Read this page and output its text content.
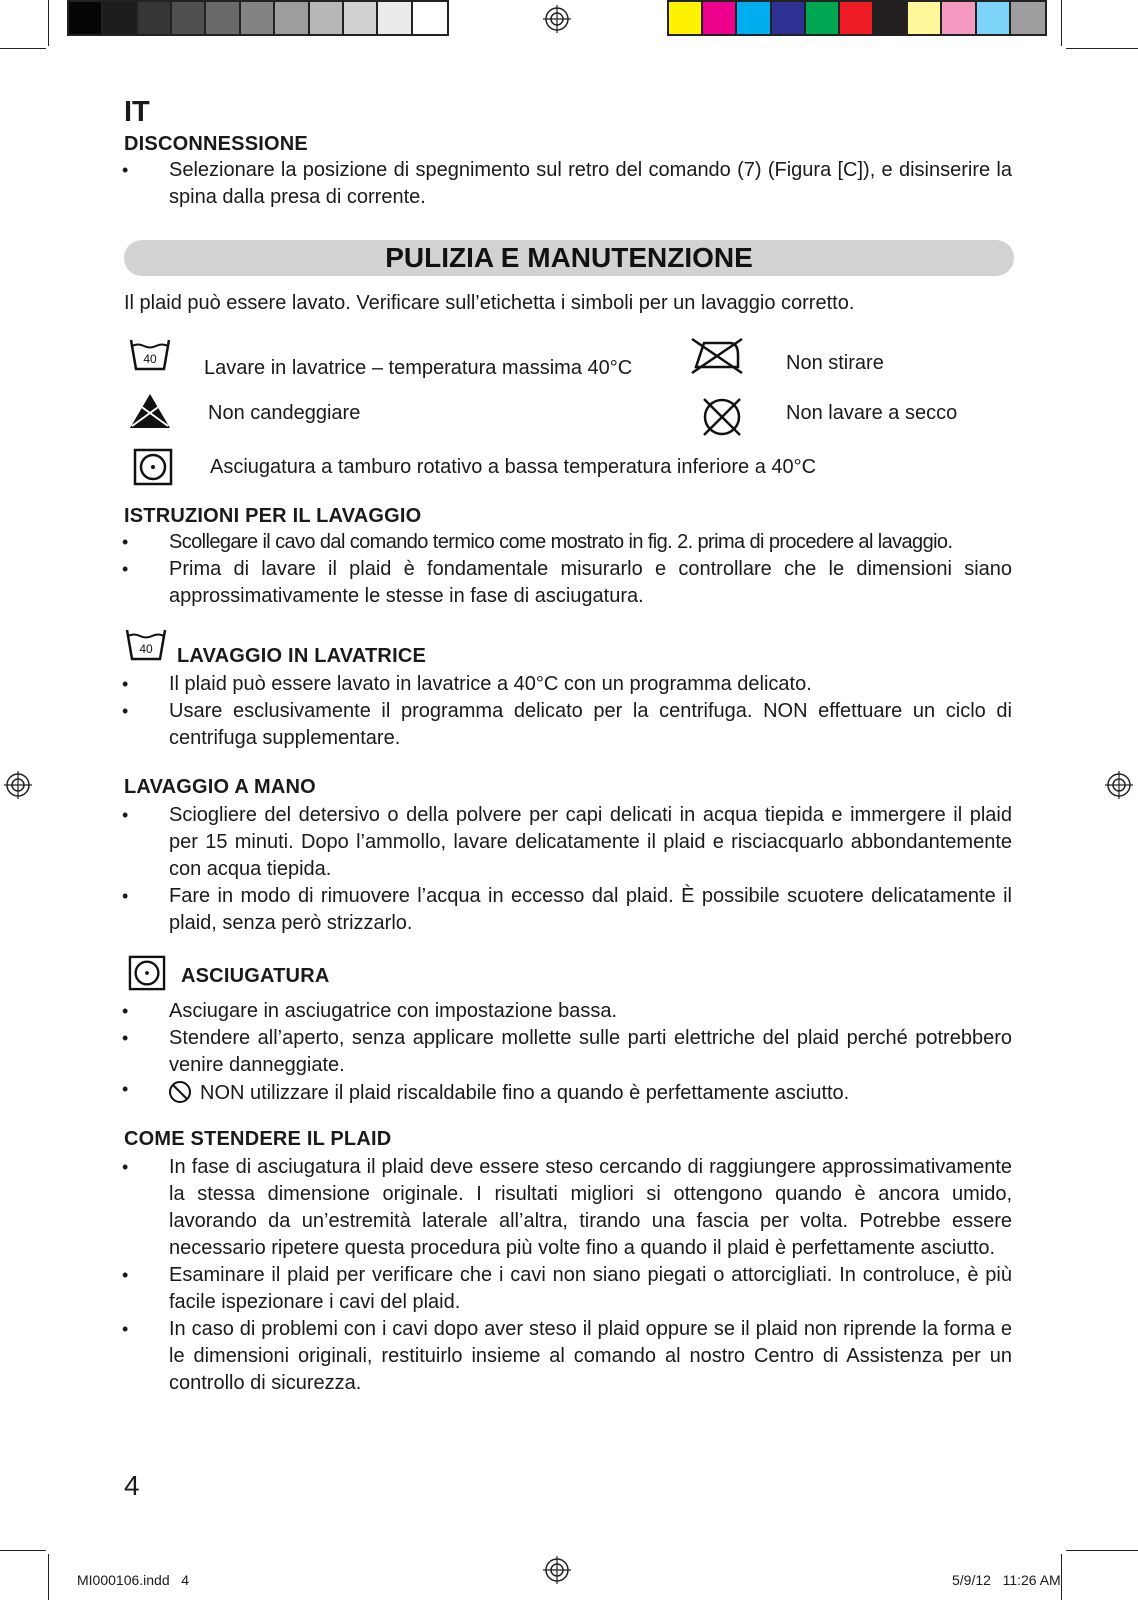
IT
DISCONNESSIONE
• Selezionare la posizione di spegnimento sul retro del comando (7) (Figura [C]), e disinserire la spina dalla presa di corrente.
PULIZIA E MANUTENZIONE
Il plaid può essere lavato. Verificare sull’etichetta i simboli per un lavaggio corretto.
40 Lavare in lavatrice – temperatura massima 40°C	Non stirare
Non candeggiare	Non lavare a secco
Asciugatura a tamburo rotativo a bassa temperatura inferiore a 40°C
ISTRUZIONI PER IL LAVAGGIO
• Scollegare il cavo dal comando termico come mostrato in fig. 2. prima di procedere al lavaggio.
• Prima di lavare il plaid è fondamentale misurarlo e controllare che le dimensioni siano approssimativamente le stesse in fase di asciugatura.
40 LAVAGGIO IN LAVATRICE
• Il plaid può essere lavato in lavatrice a 40°C con un programma delicato.
• Usare esclusivamente il programma delicato per la centrifuga. NON effettuare un ciclo di centrifuga supplementare.
LAVAGGIO A MANO
• Sciogliere del detersivo o della polvere per capi delicati in acqua tiepida e immergere il plaid per 15 minuti. Dopo l’ammollo, lavare delicatamente il plaid e risciacquarlo abbondantemente con acqua tiepida.
• Fare in modo di rimuovere l’acqua in eccesso dal plaid. È possibile scuotere delicatamente il plaid, senza però strizzarlo.
ASCIUGATURA
• Asciugare in asciugatrice con impostazione bassa.
• Stendere all’aperto, senza applicare mollette sulle parti elettriche del plaid perché potrebbero venire danneggiate.
•	NON utilizzare il plaid riscaldabile fino a quando è perfettamente asciutto.
COME STENDERE IL PLAID
• In fase di asciugatura il plaid deve essere steso cercando di raggiungere approssimativamente la stessa dimensione originale. I risultati migliori si ottengono quando è ancora umido, lavorando da un’estremità laterale all’altra, tirando una fascia per volta. Potrebbe essere necessario ripetere questa procedura più volte fino a quando il plaid è perfettamente asciutto.
• Esaminare il plaid per verificare che i cavi non siano piegati o attorcigliati. In controluce, è più facile ispezionare i cavi del plaid.
• In caso di problemi con i cavi dopo aver steso il plaid oppure se il plaid non riprende la forma e le dimensioni originali, restituirlo insieme al comando al nostro Centro di Assistenza per un controllo di sicurezza.
4
MI000106.indd   4	5/9/12   11:26 AM
